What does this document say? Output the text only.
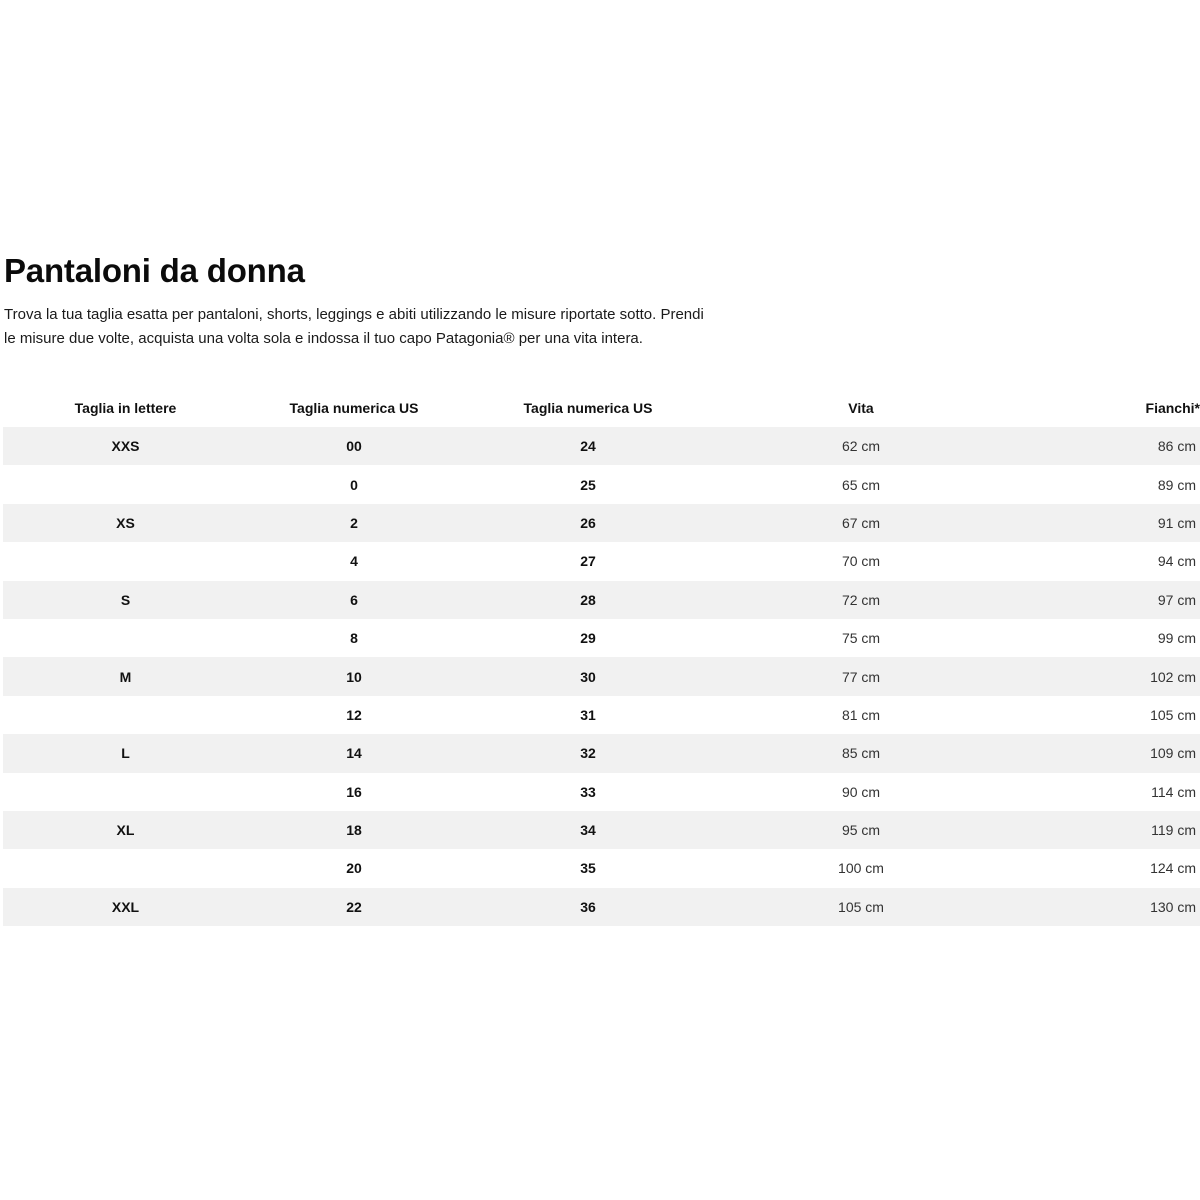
Pantaloni da donna

Trova la tua taglia esatta per pantaloni, shorts, leggings e abiti utilizzando le misure riportate sotto. Prendi
le misure due volte, acquista una volta sola e indossa il tuo capo Patagonia® per una vita intera.

Taglia in lettere	Taglia numerica US	Taglia numerica US	Vita	Fianchi*
XXS	00	24	62 cm	86 cm
	0	25	65 cm	89 cm
XS	2	26	67 cm	91 cm
	4	27	70 cm	94 cm
S	6	28	72 cm	97 cm
	8	29	75 cm	99 cm
M	10	30	77 cm	102 cm
	12	31	81 cm	105 cm
L	14	32	85 cm	109 cm
	16	33	90 cm	114 cm
XL	18	34	95 cm	119 cm
	20	35	100 cm	124 cm
XXL	22	36	105 cm	130 cm
